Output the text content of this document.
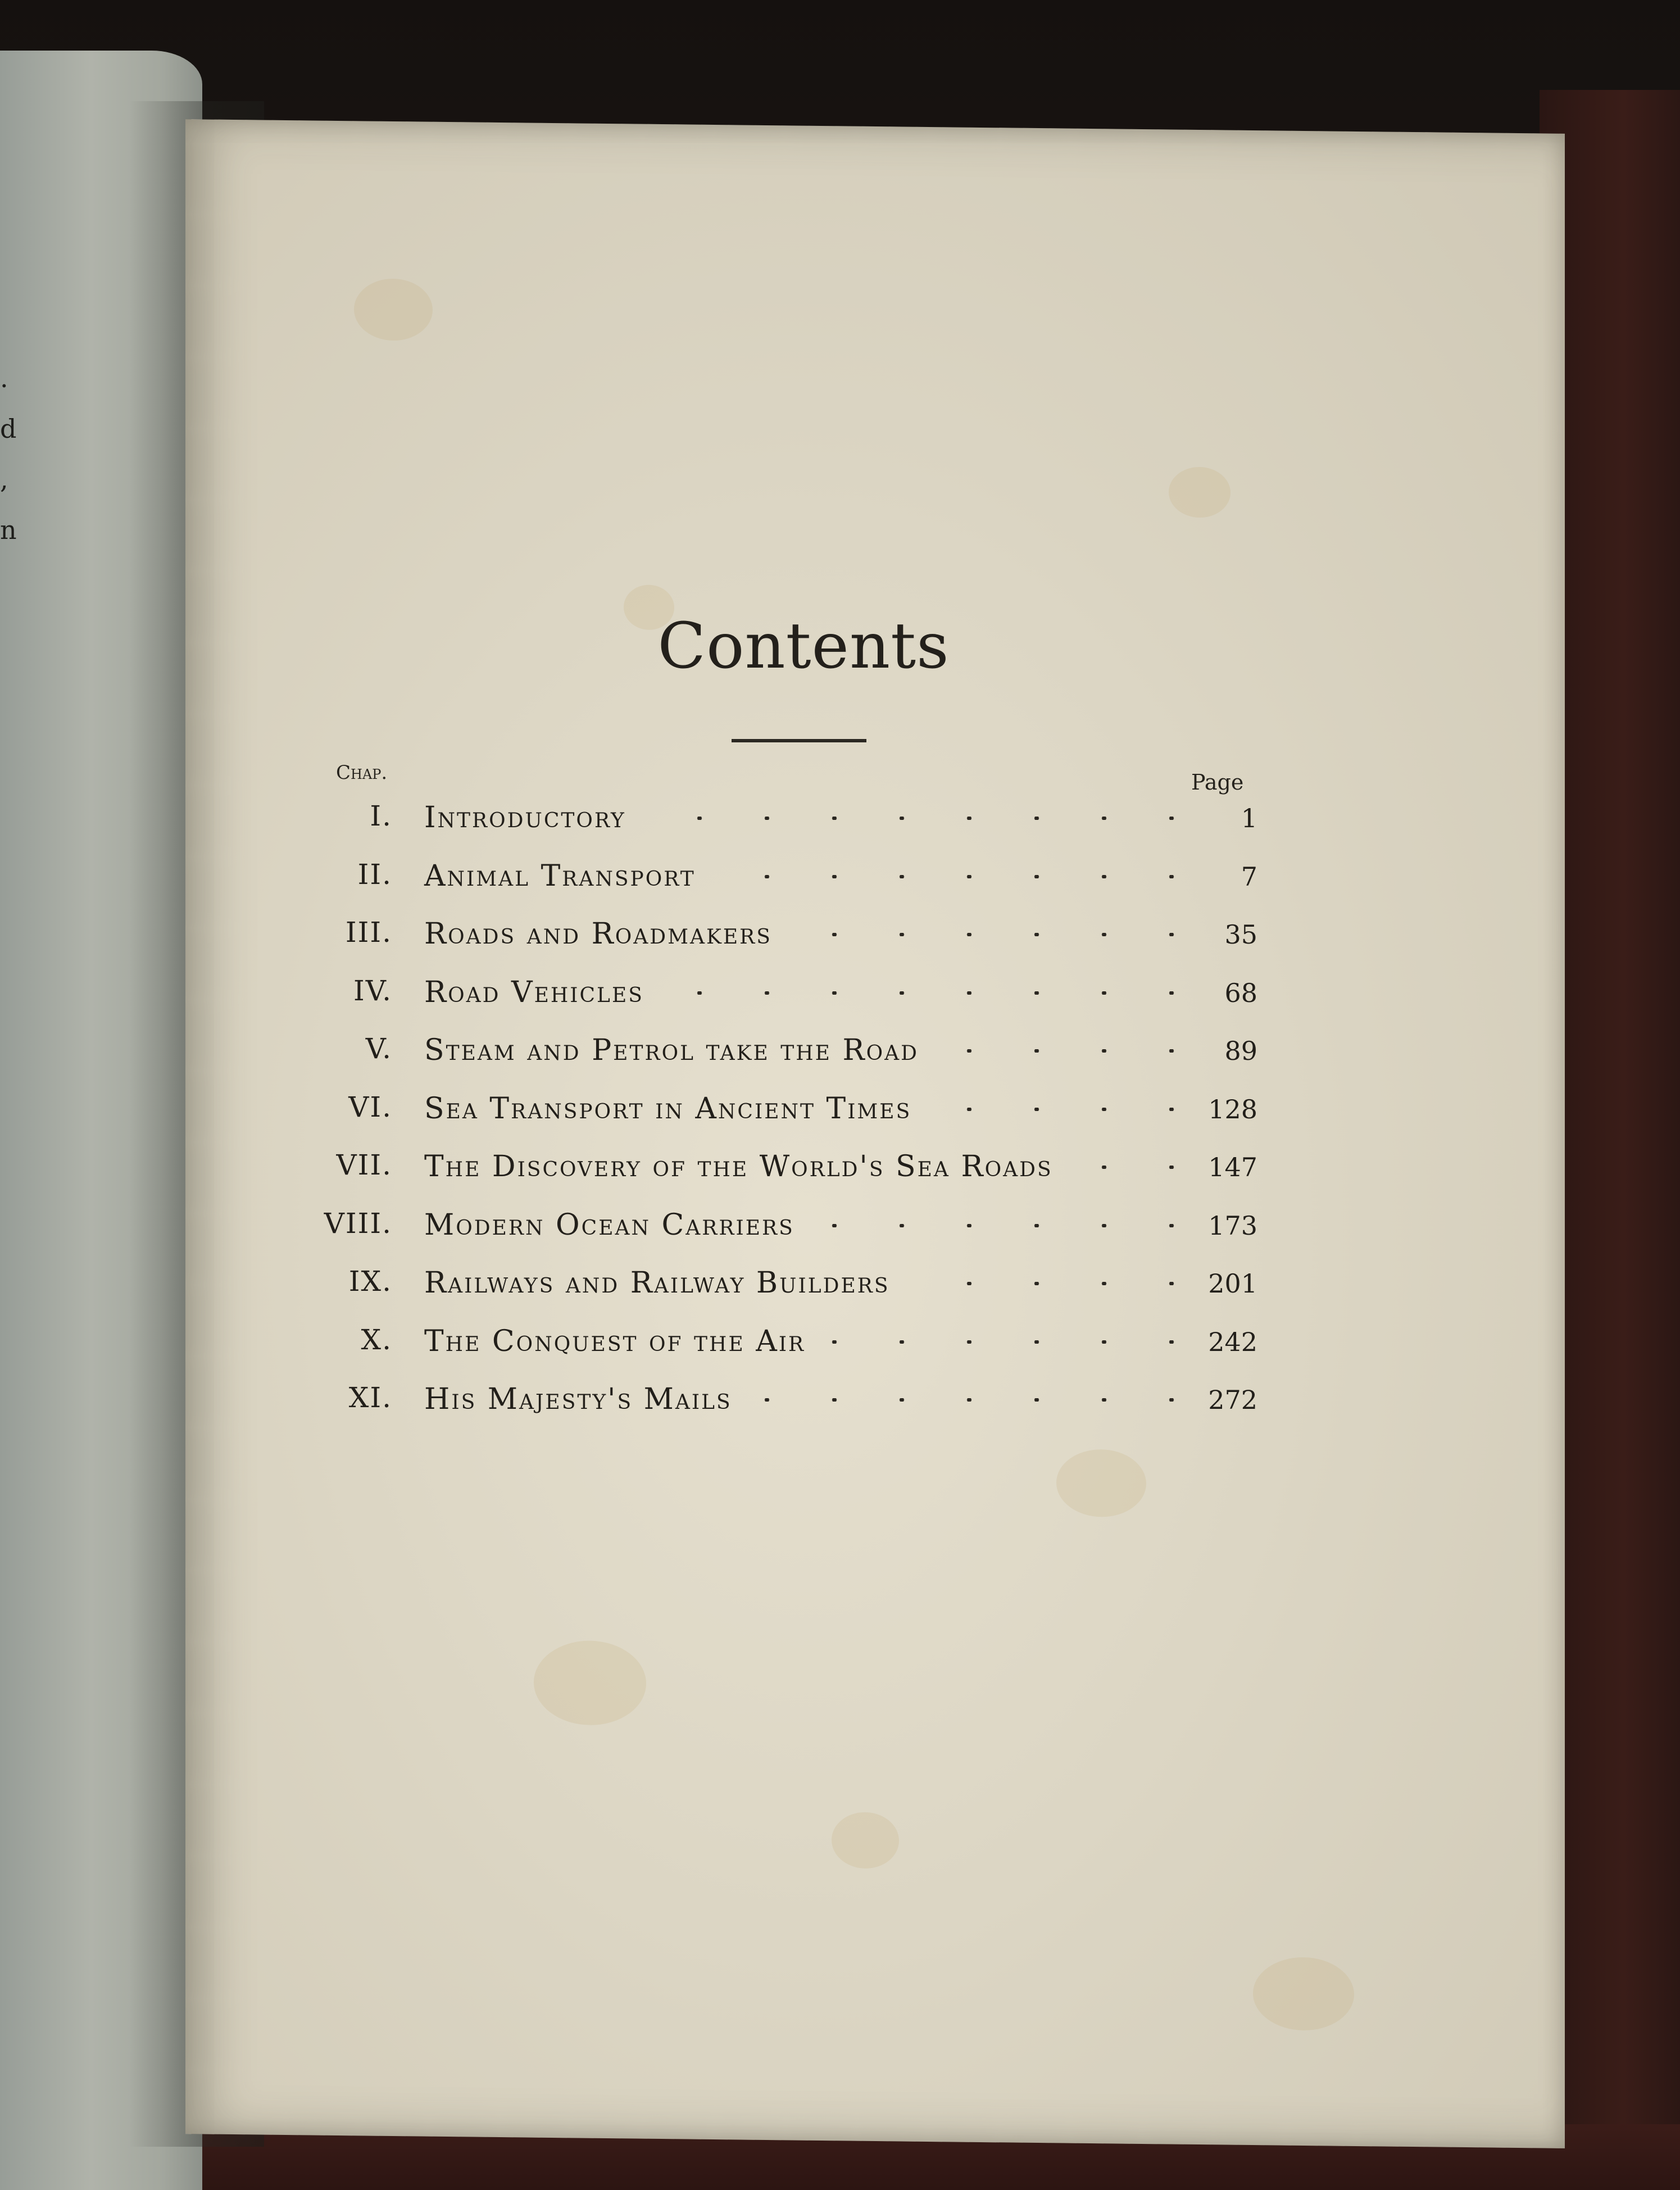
.
d
,
n
Contents
Chap.	Page
I. Introductory	1
II. Animal Transport	7
III. Roads and Roadmakers	35
IV. Road Vehicles	68
V. Steam and Petrol take the Road	89
VI. Sea Transport in Ancient Times	128
VII. The Discovery of the World's Sea Roads	147
VIII. Modern Ocean Carriers	173
IX. Railways and Railway Builders	201
X. The Conquest of the Air	242
XI. His Majesty's Mails	272
